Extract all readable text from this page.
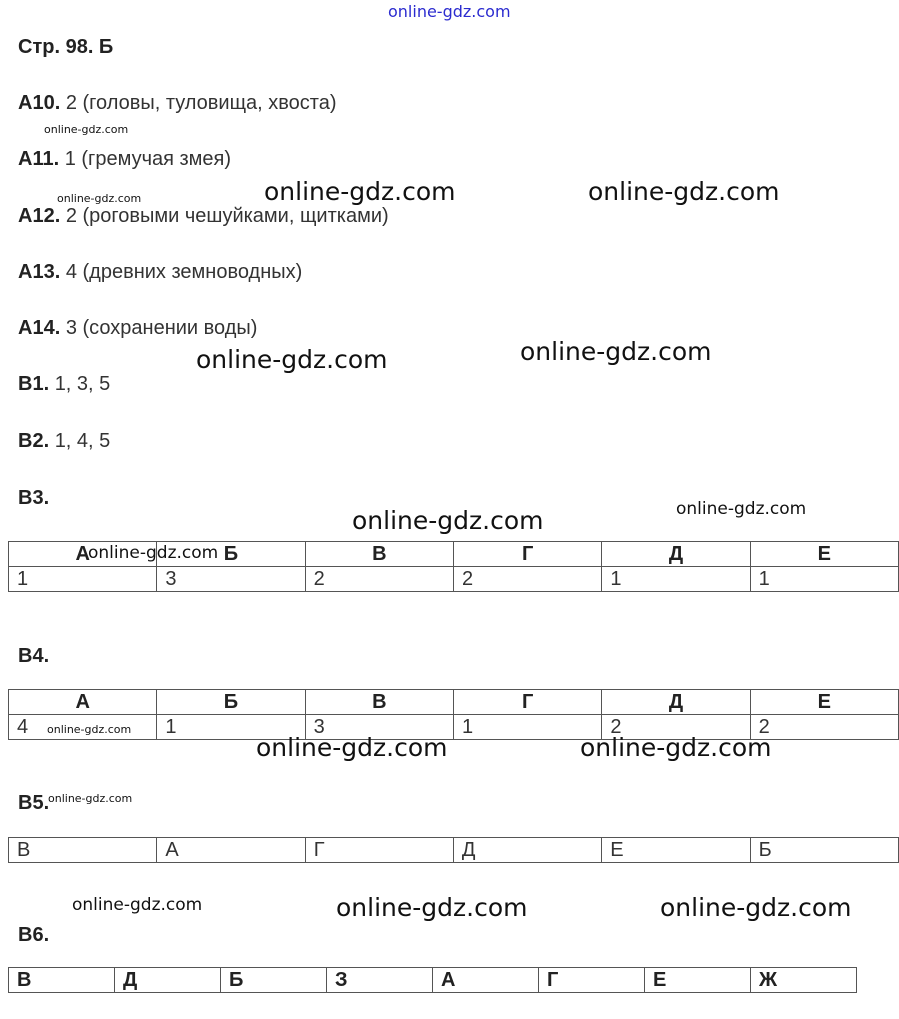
online-gdz.com
Стр. 98. Б
А10. 2 (головы, туловища, хвоста)
А11. 1 (гремучая змея)
А12. 2 (роговыми чешуйками, щитками)
А13. 4 (древних земноводных)
А14. 3 (сохранении воды)
В1. 1, 3, 5
В2. 1, 4, 5
В3.
А	Б	В	Г	Д	Е
1	3	2	2	1	1
В4.
А	Б	В	Г	Д	Е
4	1	3	1	2	2
В5.
В	А	Г	Д	Е	Б
В6.
В	Д	Б	З	А	Г	Е	Ж
online-gdz.com
online-gdz.com	online-gdz.com	online-gdz.com
online-gdz.com
online-gdz.com
online-gdz.com
online-gdz.com
online-gdz.com
online-gdz.com
online-gdz.com	online-gdz.com
online-gdz.com
online-gdz.com	online-gdz.com	online-gdz.com
